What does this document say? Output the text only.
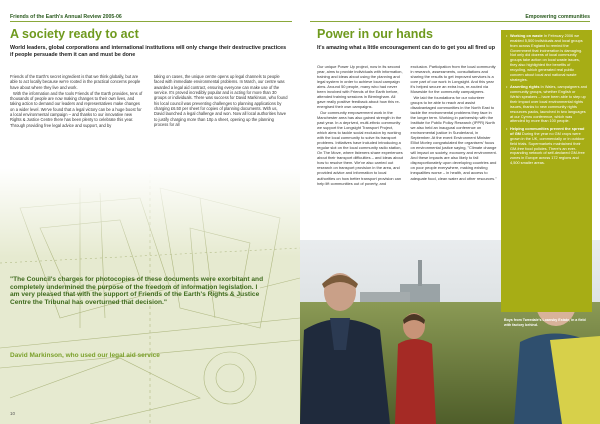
Friends of the Earth's Annual Review 2005-06
A society ready to act
World leaders, global corporations and international institutions will only change their destructive practices if people persuade them it can and must be done

Friends of the Earth's secret ingredient is that we think globally, but are able to act locally because we're rooted in the practical concerns people have about where they live and work.

With the information and the tools Friends of the Earth provides, tens of thousands of people are now making changes to their own lives, and taking action to demand our leaders and representatives make changes on a wider level. We've found that a legal victory can be a huge boost for a local environmental campaign – and thanks to our innovative new Rights & Justice Centre there has been plenty to celebrate this year. Through providing free legal advice and support, and by

taking on cases, the unique centre opens up legal channels to people faced with immediate environmental problems. In March, our centre was awarded a legal aid contract, ensuring everyone can make use of the service. It's proved incredibly popular and is acting for more than 30 groups or individuals. There was success for David Markinson, who found his local council was preventing challenges to planning applications by charging £6.50 per sheet for copies of planning documents. With us, David launched a legal challenge and won. Now all local authorities have to justify charging more than 10p a sheet, opening up the planning process for all

"The Council's charges for photocopies of these documents were exorbitant and completely undermined the purpose of the freedom of information legislation. I am very pleased that with the support of Friends of the Earth's Rights & Justice Centre the Tribunal has overturned that decision."
David Markinson, who used our legal aid service
10
Empowering communities
Power in our hands
It's amazing what a little encouragement can do to get you all fired up

Our unique Power Up project, now in its second year, aims to provide individuals with information, training and ideas about using the planning and legal system in order to achieve local campaign aims. Around 50 people, many who had never been involved with Friends of the Earth before, attended training sessions in Birmingham. All gave really positive feedback about how this re-energised their own campaigns.

Our community empowerment work in the Manchester area has also gained strength in the past year. In a deprived, multi-ethnic community we support the Longsight Transport Project, which aims to tackle social exclusion by working with the local community to solve its transport problems. Initiatives have included introducing a regular slot on the local community radio station, On The Move, where listeners share experiences about their transport difficulties – and ideas about how to resolve them. We've also carried out research on transport provision in the area, and provided advice and information to local authorities on how better transport provision can help lift communities out of poverty, and

exclusion. Participation from the local community in research, assessments, consultations and sharing the results to get improved services is a core part of our work in Longsight. And this year it's helped secure an extra bus, re-routed via Moseside for the community campaigners.

We laid the foundations for our volunteer groups to be able to reach and assist disadvantaged communities in the North East to tackle the environmental problems they face in the longer term. Working in partnership with the Institute for Public Policy Research (IPPR) North we also held an inaugural conference on environmental justice in Sunderland, in September. At the event Environment Minister Elliot Morley congratulated the organisers' focus on environmental justice saying, "Climate change will impact on society, economy and environment. And these impacts are also likely to fall disproportionately upon developing countries and on poor people everywhere, making existing inequalities worse – in health, and access to adequate food, clean water and other resources."

• Working on waste In February 2006 we enabled 5,500 individuals and local groups from across England to remind the Government that incineration is damaging. Not only did dozens of local community groups take action on local waste issues, they also highlighted the benefits of recycling, which generated real public concern about local and national waste strategies.
• Asserting rights In Wales, campaigners and community groups, whether English or Welsh speakers – have been able to step up their impact over local environmental rights issues, thanks to new community rights resources packs, launched in two languages at our Cymru conference, which was attended by more than 100 people.
• Helping communities prevent the spread of GM During the year no GM crops were grown in the UK, commercially or in outdoor field trials. Supermarkets maintained their GM-free food policies. There's an ever-expanding network of self-declared GM-free zones in Europe across 172 regions and 4,500 smaller areas.
Boys from Tweedale's Loansby Estate, in a field with factory behind.
